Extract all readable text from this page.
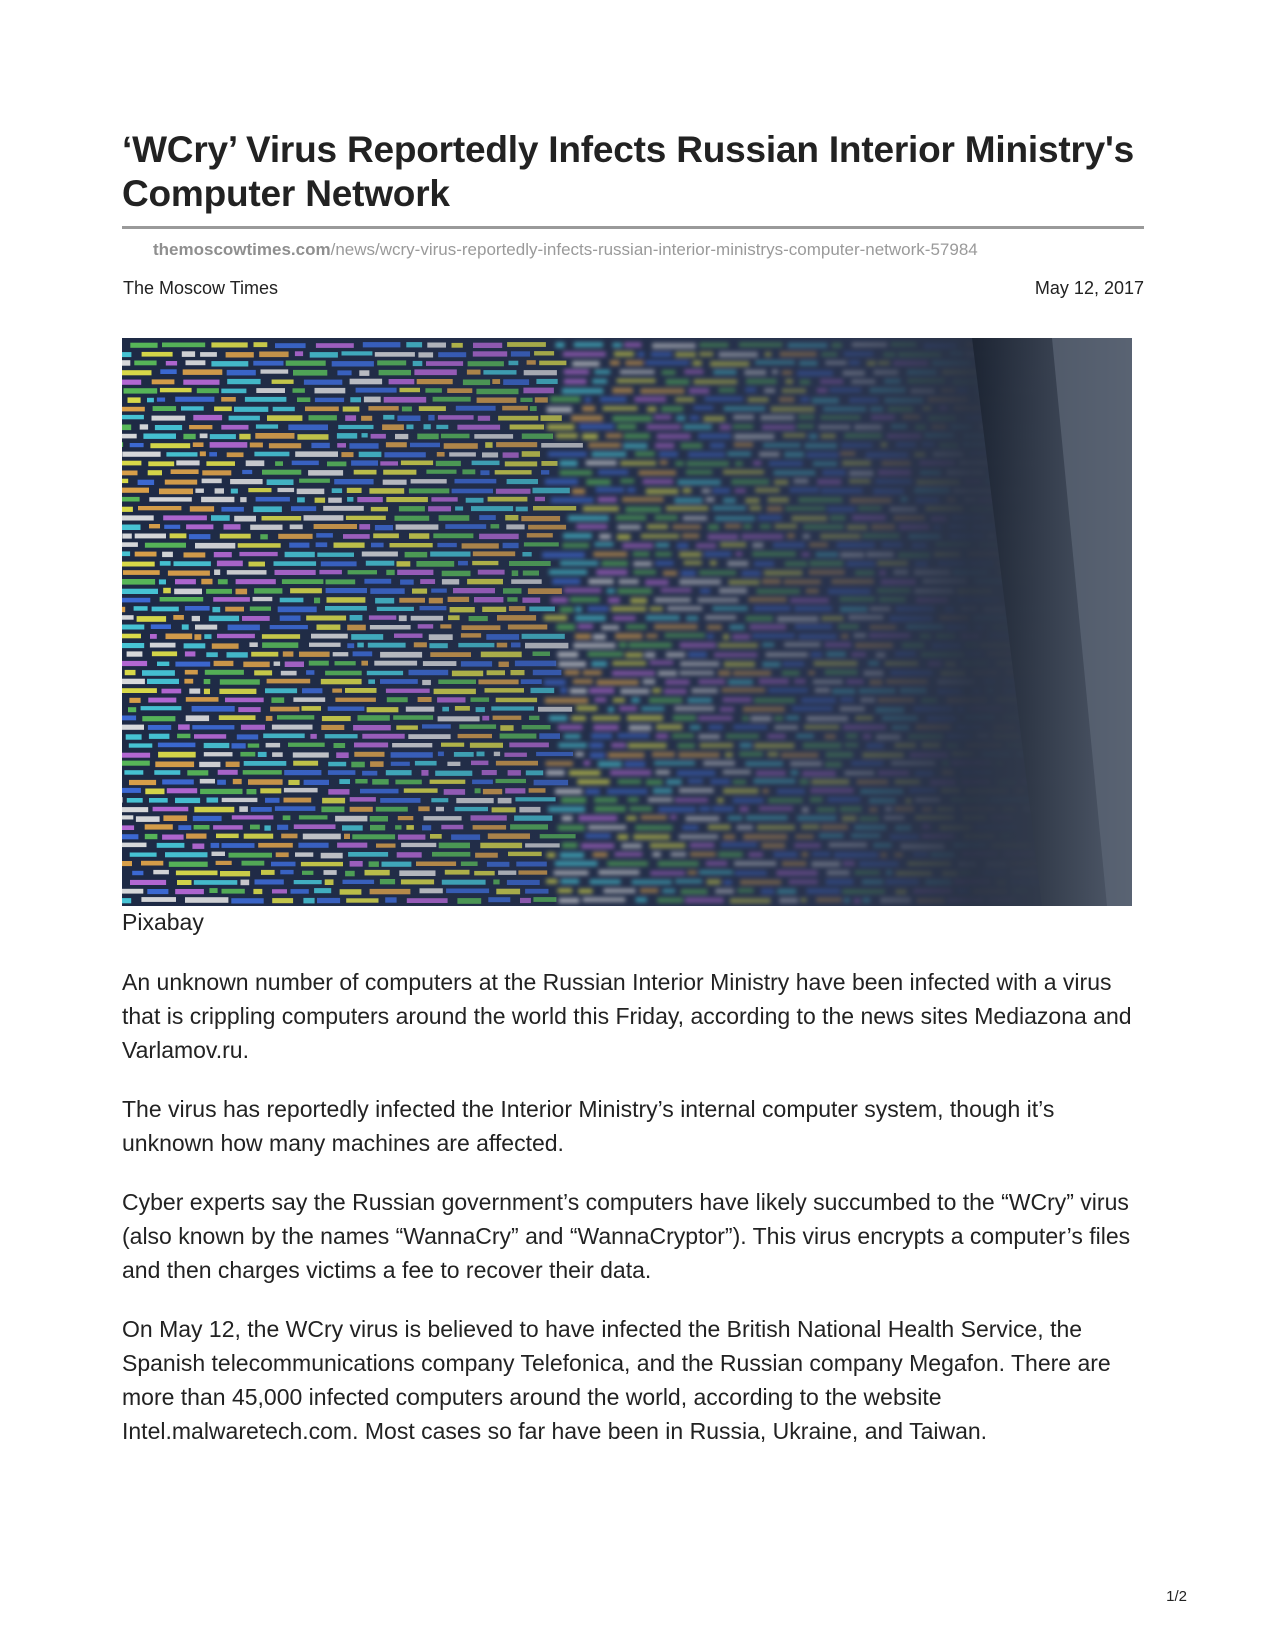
‘WCry’ Virus Reportedly Infects Russian Interior Ministry's Computer Network
themoscowtimes.com/news/wcry-virus-reportedly-infects-russian-interior-ministrys-computer-network-57984
The Moscow Times	May 12, 2017
Pixabay

An unknown number of computers at the Russian Interior Ministry have been infected with a virus that is crippling computers around the world this Friday, according to the news sites Mediazona and Varlamov.ru.

The virus has reportedly infected the Interior Ministry’s internal computer system, though it’s unknown how many machines are affected.

Cyber experts say the Russian government’s computers have likely succumbed to the “WCry” virus (also known by the names “WannaCry” and “WannaCryptor”). This virus encrypts a computer’s files and then charges victims a fee to recover their data.

On May 12, the WCry virus is believed to have infected the British National Health Service, the Spanish telecommunications company Telefonica, and the Russian company Megafon. There are more than 45,000 infected computers around the world, according to the website Intel.malwaretech.com. Most cases so far have been in Russia, Ukraine, and Taiwan.

1/2
